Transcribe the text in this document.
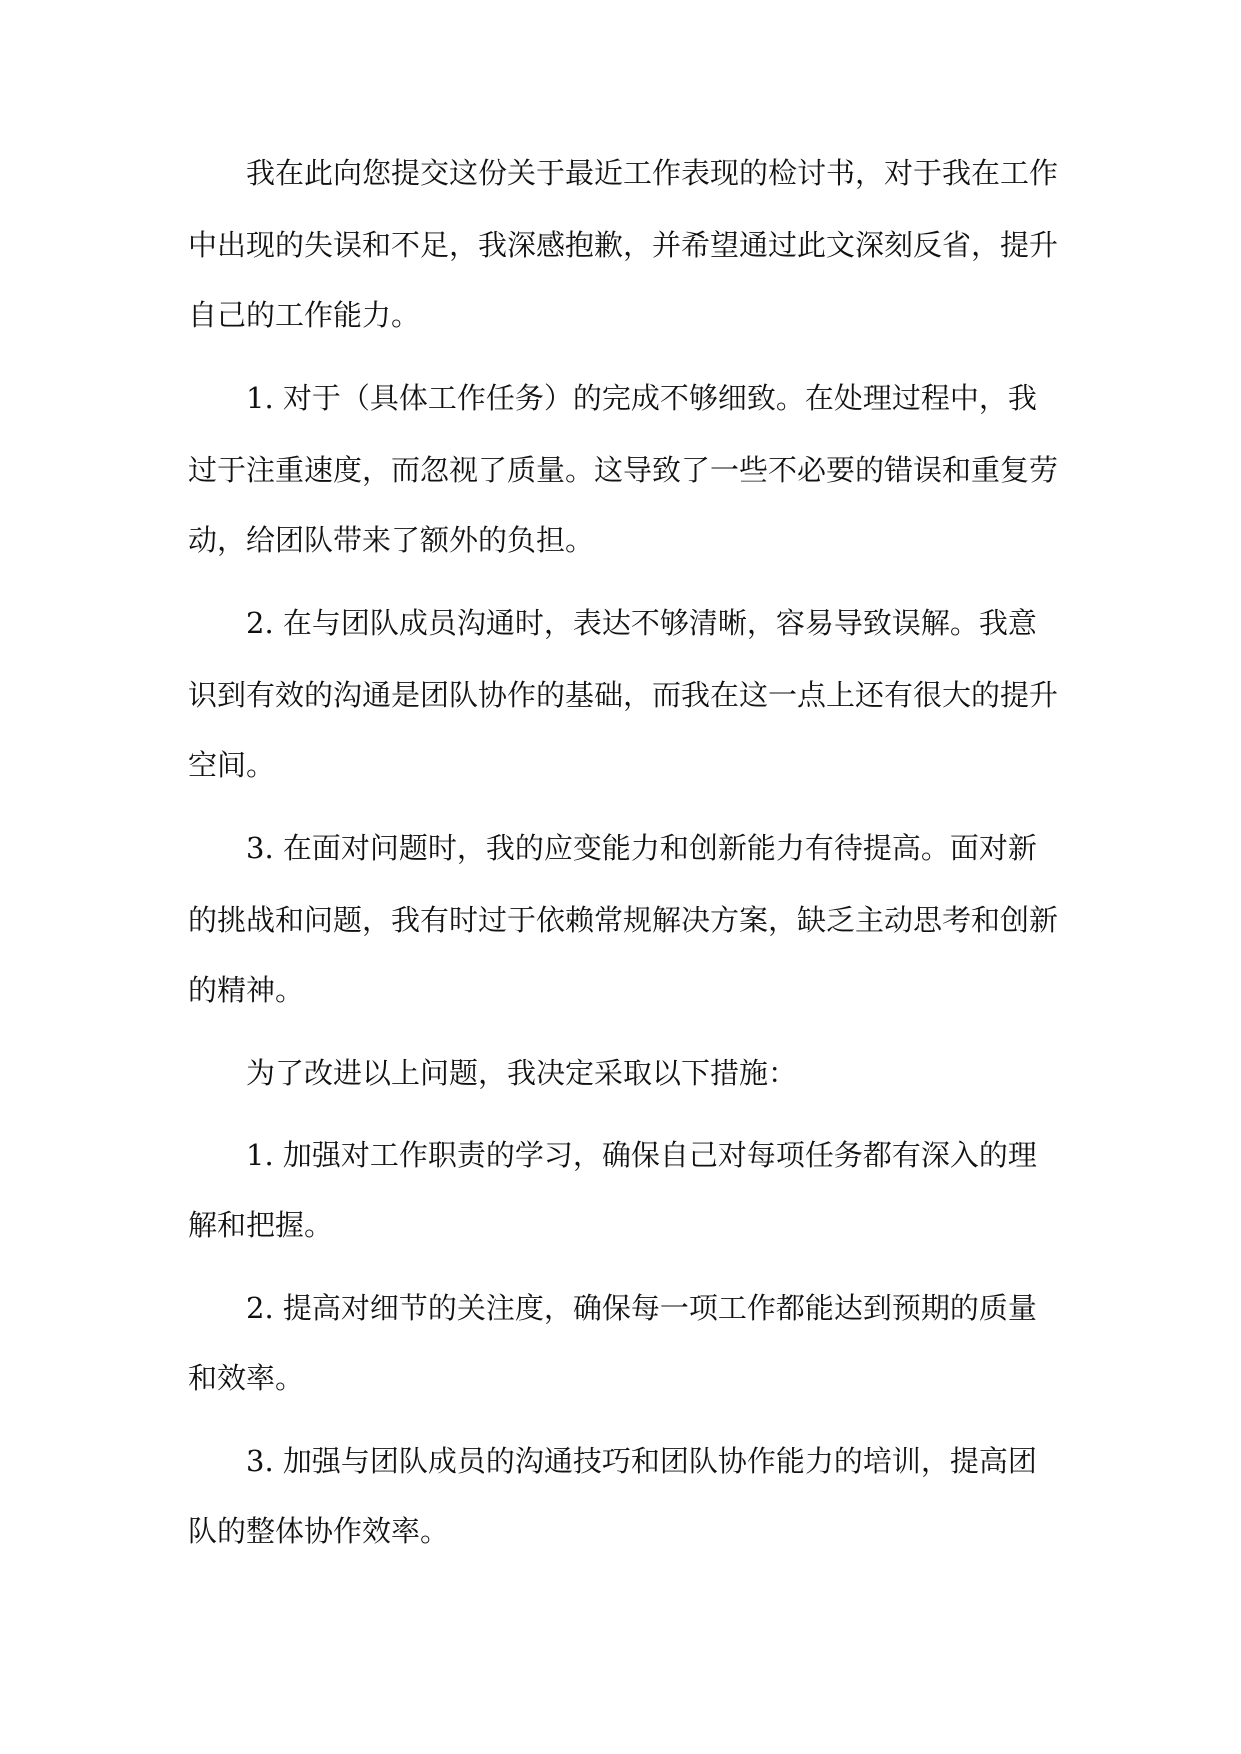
我在此向您提交这份关于最近工作表现的检讨书，对于我在工作
中出现的失误和不足，我深感抱歉，并希望通过此文深刻反省，提升
自己的工作能力。
1. 对于（具体工作任务）的完成不够细致。在处理过程中，我
过于注重速度，而忽视了质量。这导致了一些不必要的错误和重复劳
动，给团队带来了额外的负担。
2. 在与团队成员沟通时，表达不够清晰，容易导致误解。我意
识到有效的沟通是团队协作的基础，而我在这一点上还有很大的提升
空间。
3. 在面对问题时，我的应变能力和创新能力有待提高。面对新
的挑战和问题，我有时过于依赖常规解决方案，缺乏主动思考和创新
的精神。
为了改进以上问题，我决定采取以下措施：
1. 加强对工作职责的学习，确保自己对每项任务都有深入的理
解和把握。
2. 提高对细节的关注度，确保每一项工作都能达到预期的质量
和效率。
3. 加强与团队成员的沟通技巧和团队协作能力的培训，提高团
队的整体协作效率。
